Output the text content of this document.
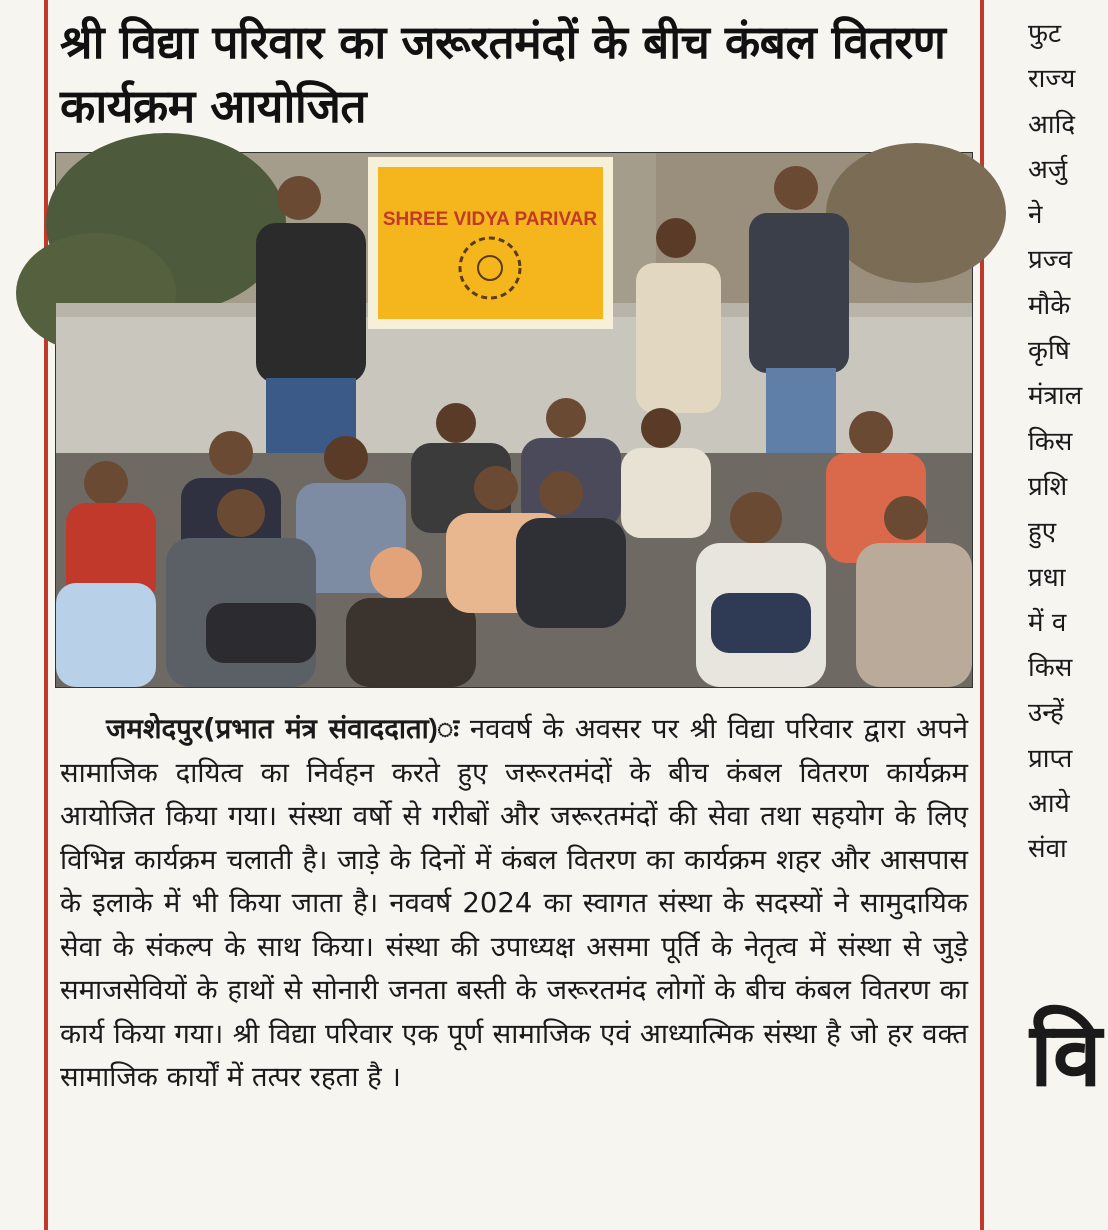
श्री विद्या परिवार का जरूरतमंदों के बीच कंबल वितरण कार्यक्रम आयोजित
SHREE VIDYA PARIVAR

जमशेदपुर(प्रभात मंत्र संवाददाता)ः नववर्ष के अवसर पर श्री विद्या परिवार द्वारा अपने सामाजिक दायित्व का निर्वहन करते हुए जरूरतमंदों के बीच कंबल वितरण कार्यक्रम आयोजित किया गया। संस्था वर्षो से गरीबों और जरूरतमंदों की सेवा तथा सहयोग के लिए विभिन्न कार्यक्रम चलाती है। जाड़े के दिनों में कंबल वितरण का कार्यक्रम शहर और आसपास के इलाके में भी किया जाता है। नववर्ष 2024 का स्वागत संस्था के सदस्यों ने सामुदायिक सेवा के संकल्प के साथ किया। संस्था की उपाध्यक्ष असमा पूर्ति के नेतृत्व में संस्था से जुड़े समाजसेवियों के हाथों से सोनारी जनता बस्ती के जरूरतमंद लोगों के बीच कंबल वितरण का कार्य किया गया। श्री विद्या परिवार एक पूर्ण सामाजिक एवं आध्यात्मिक संस्था है जो हर वक्त सामाजिक कार्यों में तत्पर रहता है ।

फुट
राज्य
आदि
अर्जु
ने
प्रज्व
मौके
कृषि
मंत्राल
किस
प्रशि
हुए
प्रधा
में व
किस
उन्हें
प्राप्त
आये
संवा
वि
